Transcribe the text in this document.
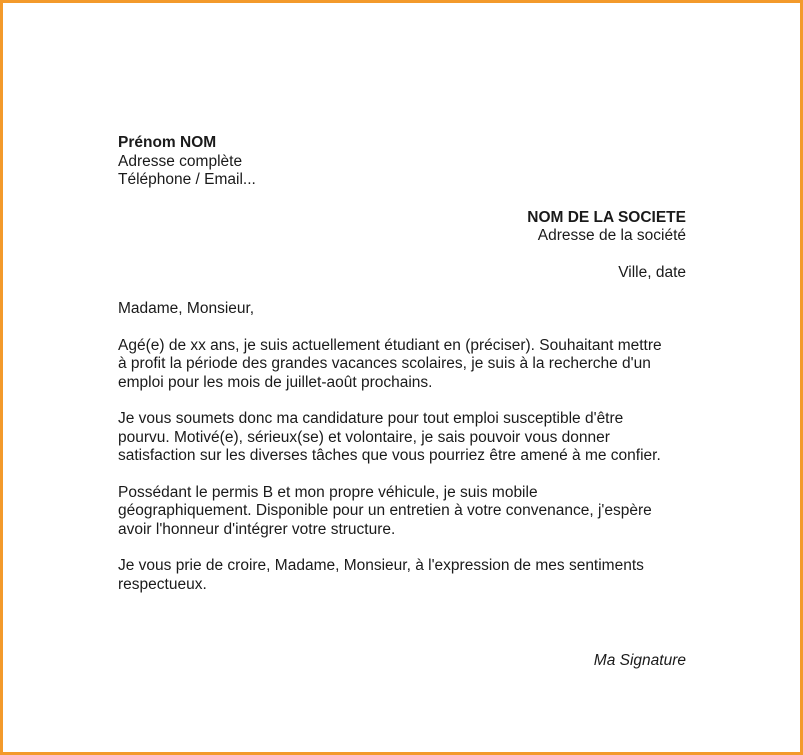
Prénom NOM
Adresse complète
Téléphone / Email...
NOM DE LA SOCIETE
Adresse de la société
Ville, date
Madame, Monsieur,
Agé(e) de xx ans, je suis actuellement étudiant en (préciser). Souhaitant mettre
à profit la période des grandes vacances scolaires, je suis à la recherche d'un
emploi pour les mois de juillet-août prochains.
Je vous soumets donc ma candidature pour tout emploi susceptible d'être
pourvu. Motivé(e), sérieux(se) et volontaire, je sais pouvoir vous donner
satisfaction sur les diverses tâches que vous pourriez être amené à me confier.
Possédant le permis B et mon propre véhicule, je suis mobile
géographiquement. Disponible pour un entretien à votre convenance, j'espère
avoir l'honneur d'intégrer votre structure.
Je vous prie de croire, Madame, Monsieur, à l'expression de mes sentiments
respectueux.
Ma Signature
